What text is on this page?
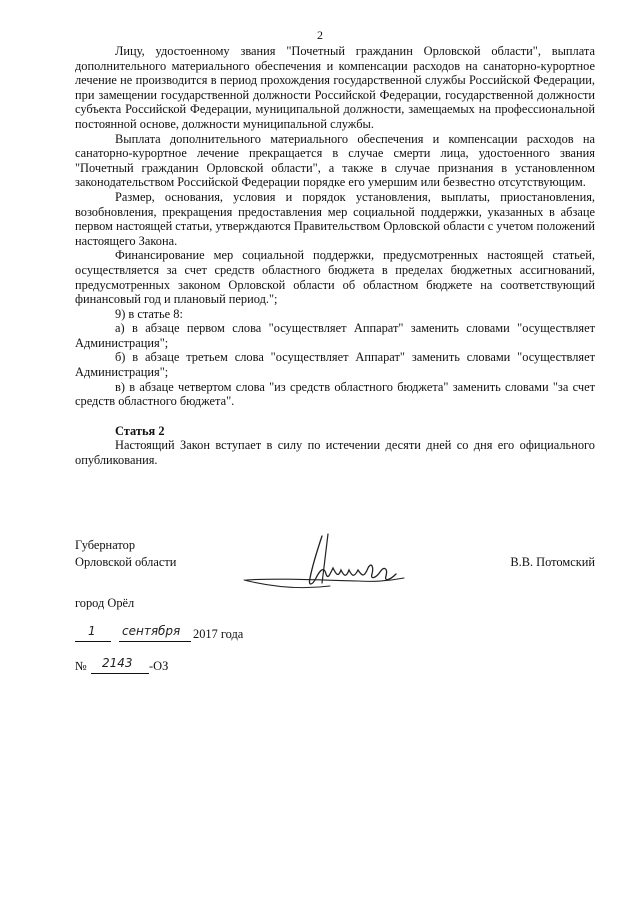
2

Лицу, удостоенному звания "Почетный гражданин Орловской области", выплата дополнительного материального обеспечения и компенсации расходов на санаторно-курортное лечение не производится в период прохождения государственной службы Российской Федерации, при замещении государственной должности Российской Федерации, государственной должности субъекта Российской Федерации, муниципальной должности, замещаемых на профессиональной постоянной основе, должности муниципальной службы.

Выплата дополнительного материального обеспечения и компенсации расходов на санаторно-курортное лечение прекращается в случае смерти лица, удостоенного звания "Почетный гражданин Орловской области", а также в случае признания в установленном законодательством Российской Федерации порядке его умершим или безвестно отсутствующим.

Размер, основания, условия и порядок установления, выплаты, приостановления, возобновления, прекращения предоставления мер социальной поддержки, указанных в абзаце первом настоящей статьи, утверждаются Правительством Орловской области с учетом положений настоящего Закона.

Финансирование мер социальной поддержки, предусмотренных настоящей статьей, осуществляется за счет средств областного бюджета в пределах бюджетных ассигнований, предусмотренных законом Орловской области об областном бюджете на соответствующий финансовый год и плановый период.";

9) в статье 8:

а) в абзаце первом слова "осуществляет Аппарат" заменить словами "осуществляет Администрация";

б) в абзаце третьем слова "осуществляет Аппарат" заменить словами "осуществляет Администрация";

в) в абзаце четвертом слова "из средств областного бюджета" заменить словами "за счет средств областного бюджета".

Статья 2

Настоящий Закон вступает в силу по истечении десяти дней со дня его официального опубликования.

Губернатор
Орловской области	В.В. Потомский
город Орёл
1 сентября 2017 года
№ 2143 -ОЗ
